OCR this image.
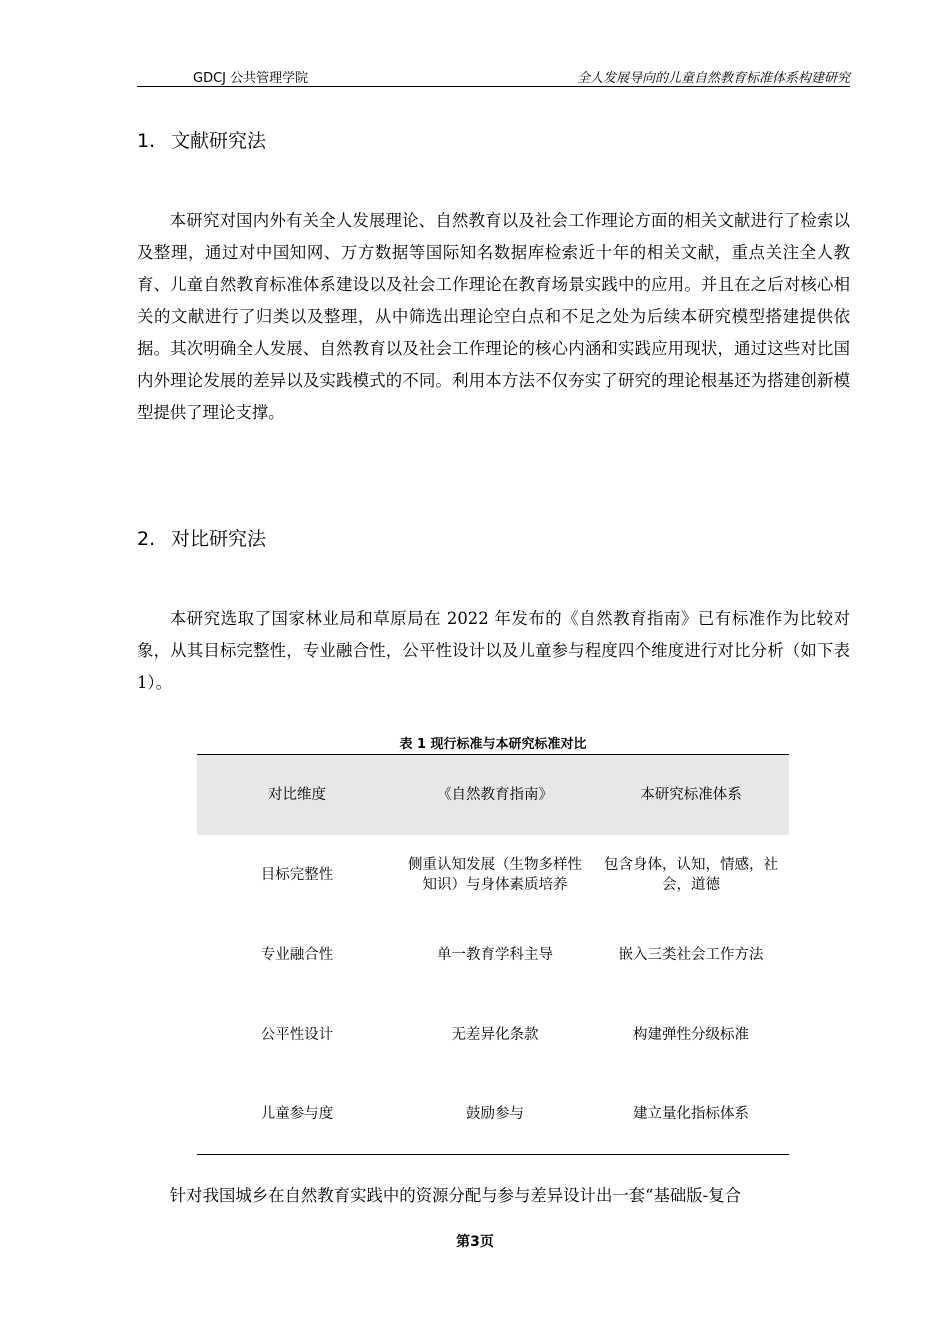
GDCJ 公共管理学院	全人发展导向的儿童自然教育标准体系构建研究
1. 文献研究法

本研究对国内外有关全人发展理论、自然教育以及社会工作理论方面的相关文献进行了检索以及整理，通过对中国知网、万方数据等国际知名数据库检索近十年的相关文献，重点关注全人教育、儿童自然教育标准体系建设以及社会工作理论在教育场景实践中的应用。并且在之后对核心相关的文献进行了归类以及整理，从中筛选出理论空白点和不足之处为后续本研究模型搭建提供依据。其次明确全人发展、自然教育以及社会工作理论的核心内涵和实践应用现状，通过这些对比国内外理论发展的差异以及实践模式的不同。利用本方法不仅夯实了研究的理论根基还为搭建创新模型提供了理论支撑。

2. 对比研究法

本研究选取了国家林业局和草原局在 2022 年发布的《自然教育指南》已有标准作为比较对象，从其目标完整性，专业融合性，公平性设计以及儿童参与程度四个维度进行对比分析（如下表 1）。

表 1 现行标准与本研究标准对比
对比维度	《自然教育指南》	本研究标准体系
目标完整性	侧重认知发展（生物多样性知识）与身体素质培养	包含身体，认知，情感，社会，道德
专业融合性	单一教育学科主导	嵌入三类社会工作方法
公平性设计	无差异化条款	构建弹性分级标准
儿童参与度	鼓励参与	建立量化指标体系

针对我国城乡在自然教育实践中的资源分配与参与差异设计出一套“基础版-复合

第3页
